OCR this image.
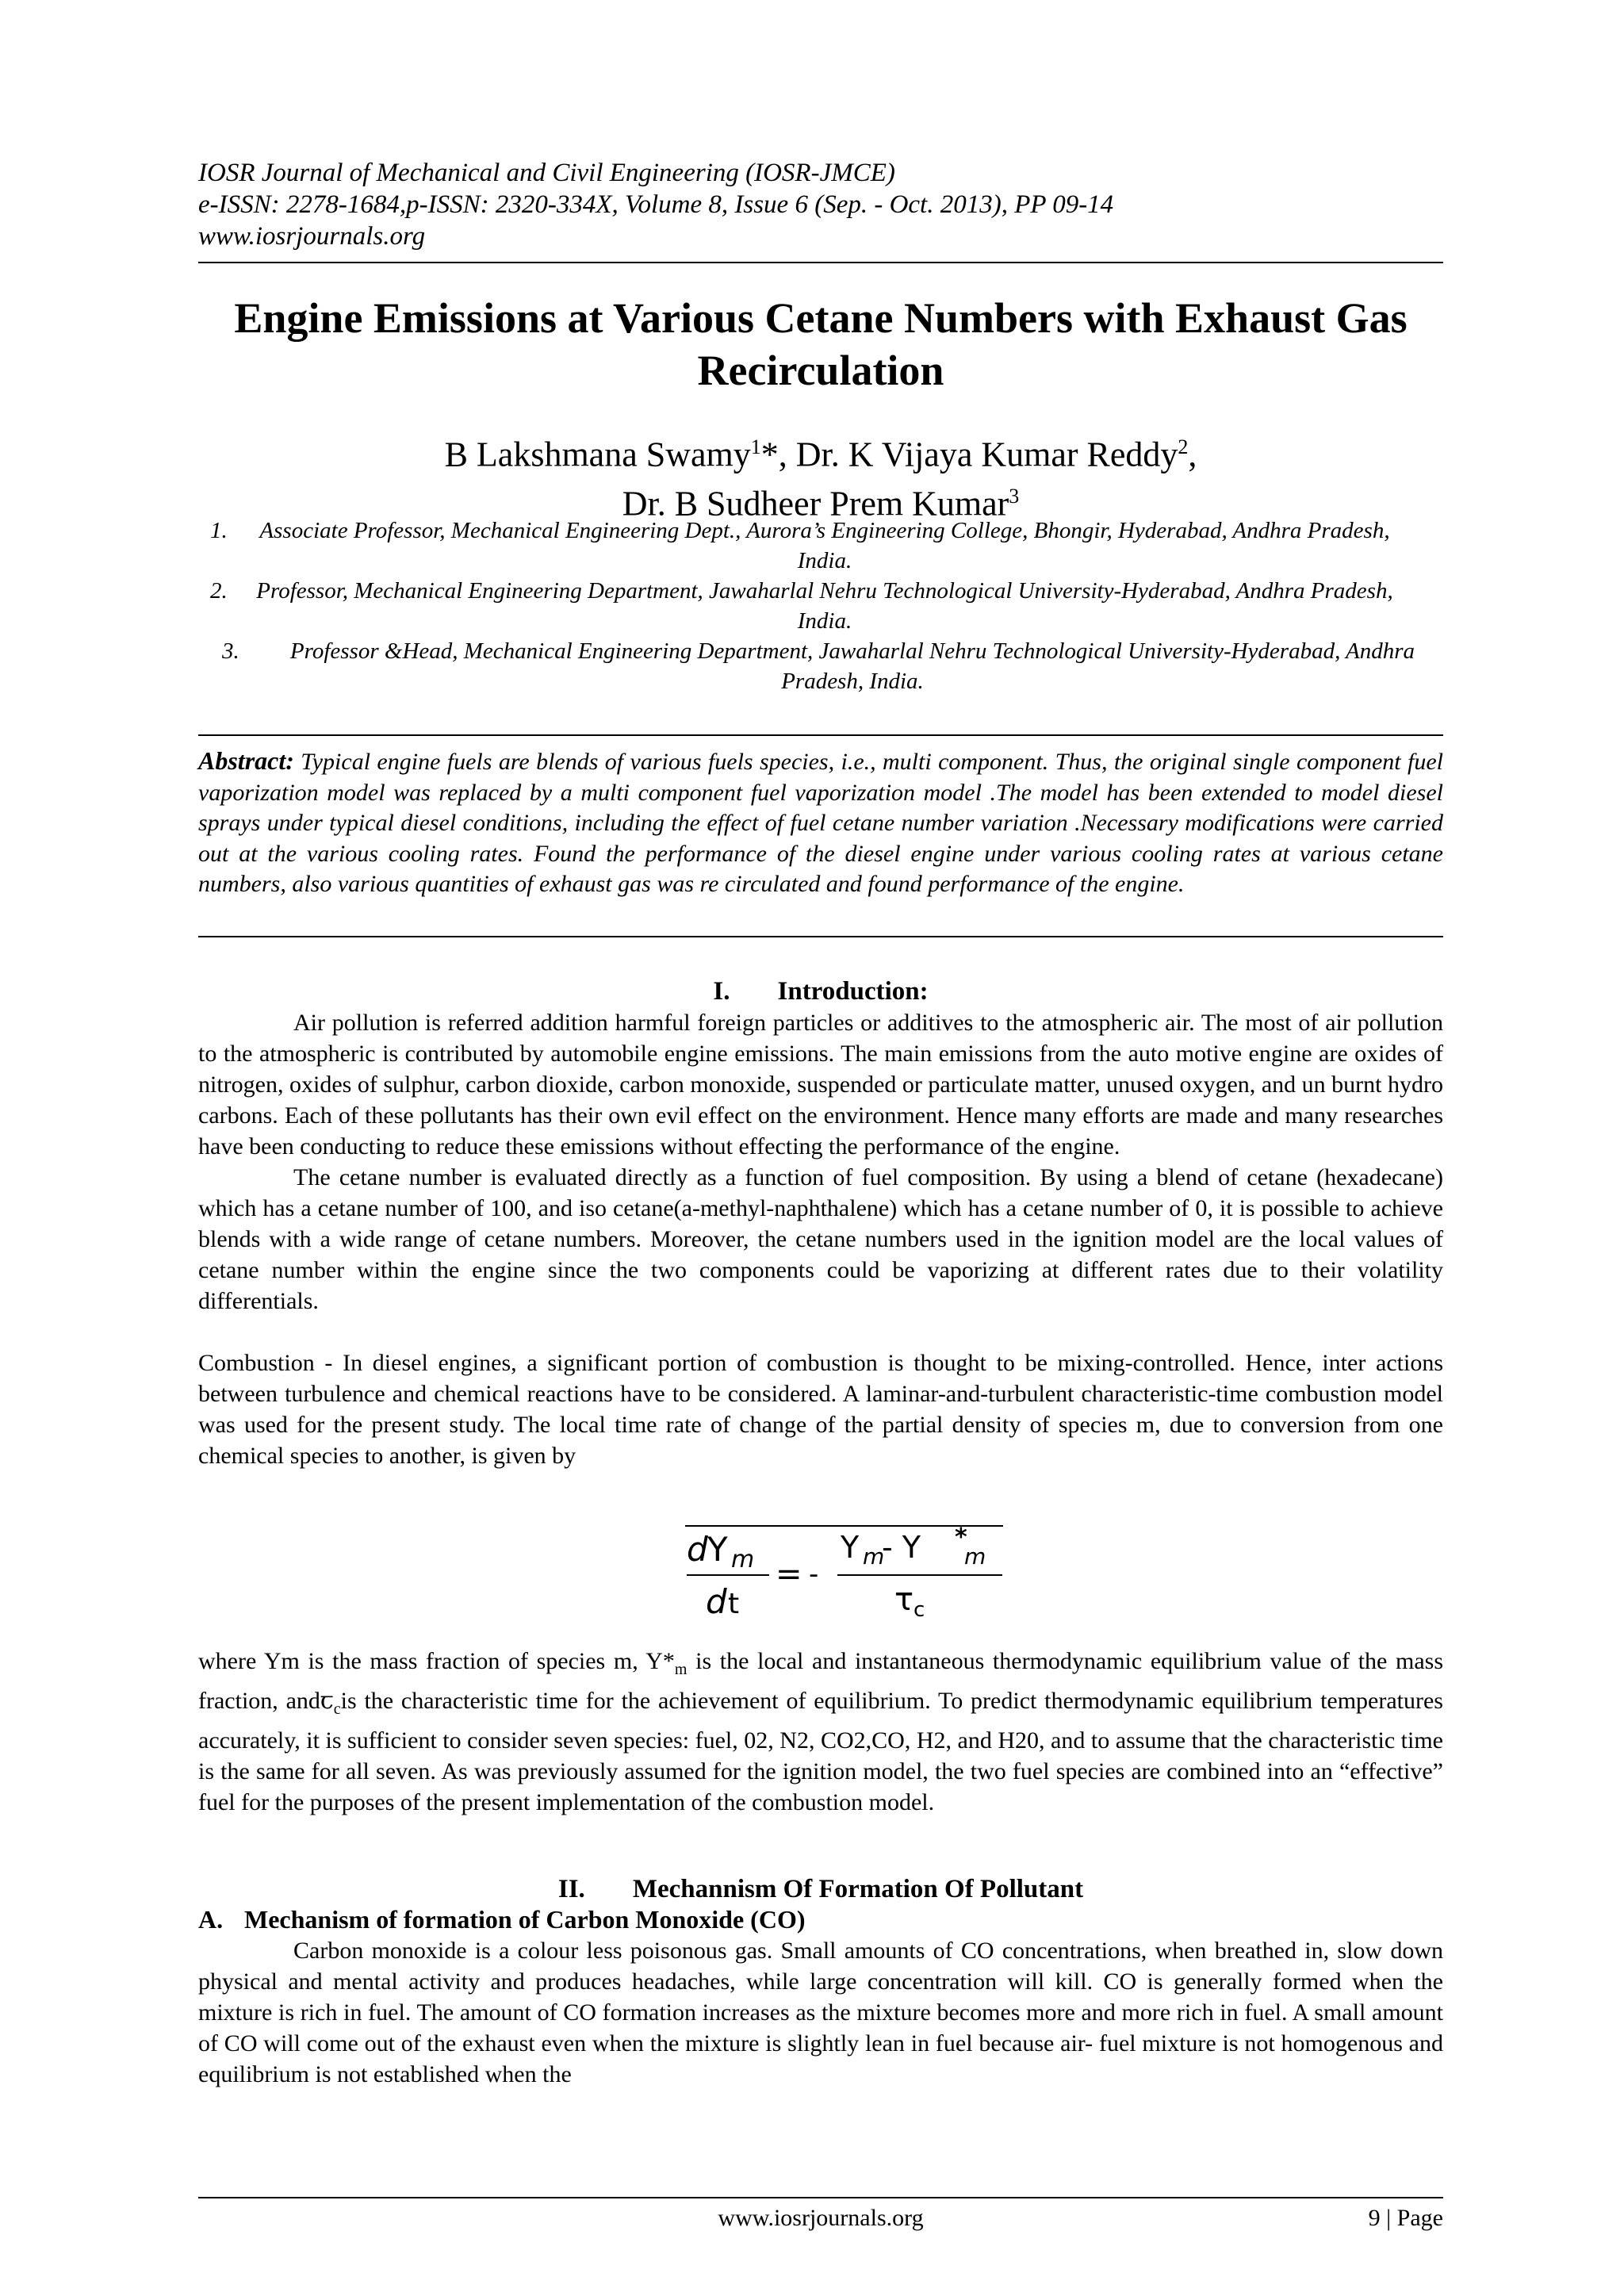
IOSR Journal of Mechanical and Civil Engineering (IOSR-JMCE)
e-ISSN: 2278-1684,p-ISSN: 2320-334X, Volume 8, Issue 6 (Sep. - Oct. 2013), PP 09-14
www.iosrjournals.org
Engine Emissions at Various Cetane Numbers with Exhaust Gas Recirculation
B Lakshmana Swamy$^1$*, Dr. K Vijaya Kumar Reddy$^2$,
Dr. B Sudheer Prem Kumar$^3$
1.	Associate Professor, Mechanical Engineering Dept., Aurora’s Engineering College, Bhongir, Hyderabad, Andhra Pradesh, India.
2.	Professor, Mechanical Engineering Department, Jawaharlal Nehru Technological University-Hyderabad, Andhra Pradesh, India.
3.	Professor &Head, Mechanical Engineering Department, Jawaharlal Nehru Technological University-Hyderabad, Andhra Pradesh, India.
Abstract: Typical engine fuels are blends of various fuels species, i.e., multi component. Thus, the original single component fuel vaporization model was replaced by a multi component fuel vaporization model .The model has been extended to model diesel sprays under typical diesel conditions, including the effect of fuel cetane number variation .Necessary modifications were carried out at the various cooling rates. Found the performance of the diesel engine under various cooling rates at various cetane numbers, also various quantities of exhaust gas was re circulated and found performance of the engine.
I. Introduction:

Air pollution is referred addition harmful foreign particles or additives to the atmospheric air. The most of air pollution to the atmospheric is contributed by automobile engine emissions. The main emissions from the auto motive engine are oxides of nitrogen, oxides of sulphur, carbon dioxide, carbon monoxide, suspended or particulate matter, unused oxygen, and un burnt hydro carbons. Each of these pollutants has their own evil effect on the environment. Hence many efforts are made and many researches have been conducting to reduce these emissions without effecting the performance of the engine.

The cetane number is evaluated directly as a function of fuel composition. By using a blend of cetane (hexadecane) which has a cetane number of 100, and iso cetane(a-methyl-naphthalene) which has a cetane number of 0, it is possible to achieve blends with a wide range of cetane numbers. Moreover, the cetane numbers used in the ignition model are the local values of cetane number within the engine since the two components could be vaporizing at different rates due to their volatility differentials.

Combustion - In diesel engines, a significant portion of combustion is thought to be mixing-controlled. Hence, inter actions between turbulence and chemical reactions have to be considered. A laminar-and-turbulent characteristic-time combustion model was used for the present study. The local time rate of change of the partial density of species m, due to conversion from one chemical species to another, is given by

d Y m = -
d t
Y m
- Y *
m
τ c

where Ym is the mass fraction of species m, $Y*_m$ is the local and instantaneous thermodynamic equilibrium value of the mass fraction, andꞇ$_c$is the characteristic time for the achievement of equilibrium. To predict thermodynamic equilibrium temperatures accurately, it is sufficient to consider seven species: fuel, 02, N2, CO2,CO, H2, and H20, and to assume that the characteristic time is the same for all seven. As was previously assumed for the ignition model, the two fuel species are combined into an “effective” fuel for the purposes of the present implementation of the combustion model.

II. Mechannism Of Formation Of Pollutant
A. Mechanism of formation of Carbon Monoxide (CO)

Carbon monoxide is a colour less poisonous gas. Small amounts of CO concentrations, when breathed in, slow down physical and mental activity and produces headaches, while large concentration will kill. CO is generally formed when the mixture is rich in fuel. The amount of CO formation increases as the mixture becomes more and more rich in fuel. A small amount of CO will come out of the exhaust even when the mixture is slightly lean in fuel because air- fuel mixture is not homogenous and equilibrium is not established when the

www.iosrjournals.org	9 | Page
